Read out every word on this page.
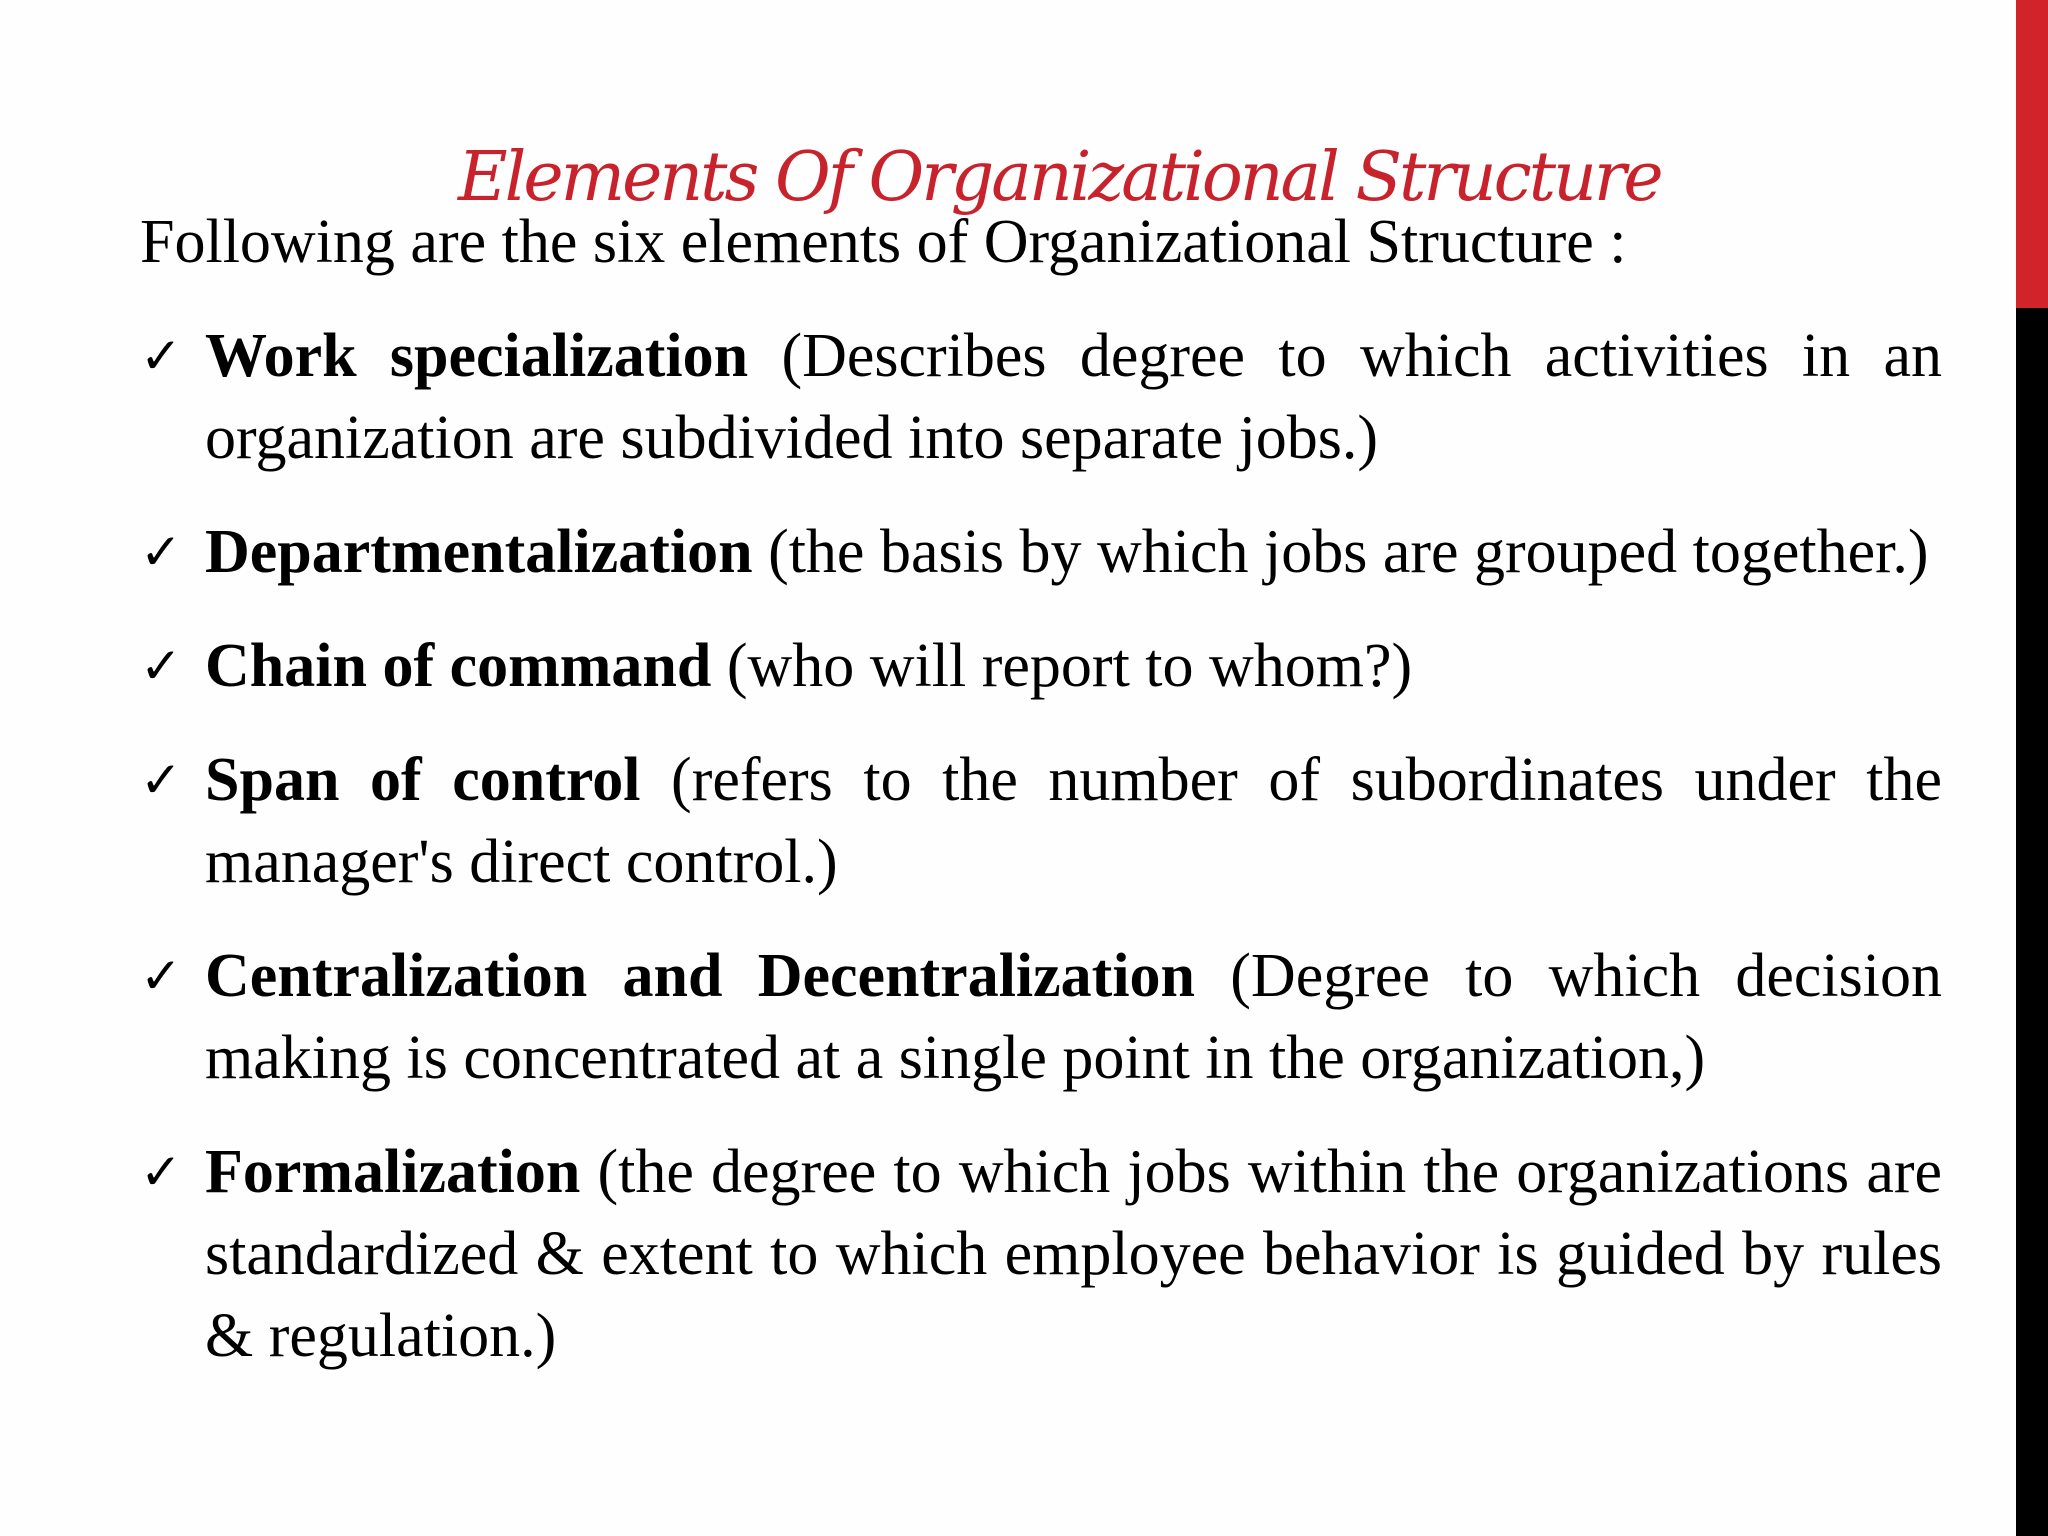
Elements Of Organizational Structure

Following are the six elements of Organizational Structure :

✓ Work specialization (Describes degree to which activities in an organization are subdivided into separate jobs.)
✓ Departmentalization (the basis by which jobs are grouped together.)
✓ Chain of command (who will report to whom?)
✓ Span of control (refers to the number of subordinates under the manager's direct control.)
✓ Centralization and Decentralization (Degree to which decision making is concentrated at a single point in the organization,)
✓ Formalization (the degree to which jobs within the organizations are standardized & extent to which employee behavior is guided by rules & regulation.)
